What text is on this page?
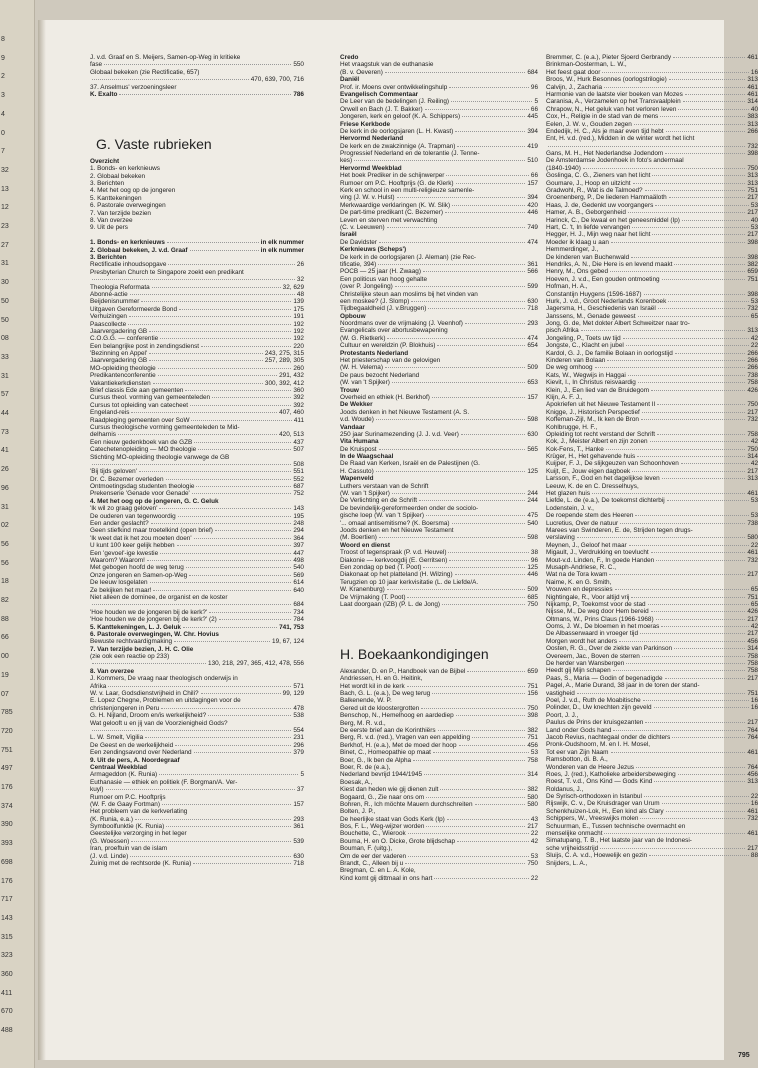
8
9
2
3
4
0
7
32
13
12
23
27
31
30
50
50
08
33
31
57
44
73
41
26
96
31
02
56
56
18
82
88
66
00
19
07
785
720
751
497
176
374
390
393
698
176
717
143
315
323
360
411
670
488
J. v.d. Graaf en S. Meijers, Samen-op-Weg in kritieke
fase	550
Globaal bekeken (zie Rectificatie, 657)
470, 639, 700, 716
37. Anselmus' verzoeningsleer
K. Exalto	786
G. Vaste rubrieken
Overzicht
1. Bonds- en kerknieuws
2. Globaal bekeken
3. Berichten
4. Met het oog op de jongeren
5. Kanttekeningen
6. Pastorale overwegingen
7. Van terzijde bezien
8. Van overzee
9. Uit de pers
1. Bonds- en kerknieuws	in elk nummer
2. Globaal bekeken, J. v.d. Graaf	in elk nummer
3. Berichten
Rectificatie inhoudsopgave	26
Presbyterian Church te Singapore zoekt een predikant
32
Theologia Reformata	32, 629
Abonné-actie	48
Beijdenisnummer	139
Uitgaven Gereformeerde Bond	175
Verhuizingen	191
Paascollecte	192
Jaarvergadering GB	192
C.O.G.G. — conferentie	192
Een belangrijke post in zendingsdienst	220
'Bezinning en Appel'	243, 275, 315
Jaarvergadering GB	257, 289, 305
MO-opleiding theologie	260
Predikantenconferentie	291, 432
Vakantiekerkdiensten	300, 392, 412
Brief classis Ede aan gemeenten	360
Cursus theol. vorming van gemeenteleden	392
Cursus tot opleiding van catecheet	392
Engeland-reis	407, 460
Raadpleging gemeenten over SoW	411
Cursus theologische vorming gemeenteleden te Mid-
delharnis	420, 513
Een nieuw gedenkboek van de GZB	437
Catechetenopleiding — MO theologie	507
Stichting MO-opleiding theologie vanwege de GB
508
'Bij tijds geloven'	551
Dr. C. Bezemer overleden	552
Ontmoetingsdag studenten theologie	687
Prekenserie 'Genade voor Genade'	752
4. Met het oog op de jongeren, G. C. Geluk
'Ik wil zo graag geloven'	143
De ouderen van tegenwoordig	195
Een ander geslacht?	248
Geen stiefkind maar troetelkind (open brief)	294
'Ik weet dat ik het zou moeten doen'	364
U kunt 100 keer gelijk hebben	397
Een 'gevoel'-ige kwestie	447
Waarom? Waarom!	498
Met gebogen hoofd de weg terug	540
Onze jongeren en Samen-op-Weg	569
De leeuw losgelaten	614
Ze bekijken het maar!	640
Niet alleen de dominee, de organist en de koster
684
'Hoe houden we de jongeren bij de kerk?'	734
'Hoe houden we de jongeren bij de kerk?' (2)	784
5. Kanttekeningen, L. J. Geluk	741, 753
6. Pastorale overwegingen, W. Chr. Hovius
Bewuste rechtvaardigmaking	19, 67, 124
7. Van terzijde bezien, J. H. C. Olie
(zie ook een reactie op 233)
130, 218, 297, 365, 412, 478, 556
8. Van overzee
J. Kommers, De vraag naar theologisch onderwijs in
Afrika	571
W. v. Laar, Godsdienstvrijheid in Chili?	99, 129
E. Lopez Chegne, Problemen en uitdagingen voor de
christenjongeren in Peru	478
G. H. Nijland, Droom en/is werkelijkheid?	538
Wat gelooft u en jij van de Voorzienigheid Gods?
554
L. W. Smelt, Vigilia	231
De Geest en de werkelijkheid	296
Een zendingsavond over Nederland	379
9. Uit de pers, A. Noordegraaf
Centraal Weekblad
Armageddon (K. Runia)	5
Euthanasie — ethiek en politiek (F. Borgman/A. Ver-
kuyl)	37
Rumoer om P.C. Hooftprijs
(W. F. de Gaay Fortman)	157
Het probleem van de kerkverlating
(K. Runia, e.a.)	293
Symboolfunktie (K. Runia)	361
Geestelijke verzorging in het leger
(G. Woessen)	539
Iran, proeftuin van de islam
(J. v.d. Linde)	630
Zuinig met de rechtsorde (K. Runia)	718
Credo
Het vraagstuk van de euthanasie
(B. v. Oeveren)	684
Daniël
Prof. ir. Moens over ontwikkelingshulp	96
Evangelisch Commentaar
De Leer van de bedelingen (J. Reiling)	5
Orwell en Bach (J. T. Bakker)	66
Jongeren, kerk en geloof (K. A. Schippers)	445
Friese Kerkbode
De kerk in de oorlogsjaren (L. H. Kwast)	394
Hervormd Nederland
De kerk en de zwakzinnige (A. Trapman)	419
Progressief Nederland en de tolerantie (J. Tenne-
kes)	510
Hervormd Weekblad
Het boek Prediker in de schijnwerper	66
Rumoer om P.C. Hooftprijs (G. de Klerk)	157
Kerk en school in een multi-religieuze samenle-
ving (J. W. v. Hulst)	394
Merkwaardige verklaringen (K. W. Slik)	420
De part-time predikant (C. Bezemer)	446
Leven en sterven met verwachting
(C. v. Leeuwen)	749
Israël
De Davidster	474
Kerknieuws (Scheps')
De kerk in de oorlogsjaren (J. Aleman) (zie Rec-
tificatie, 394)	361
POCB — 25 jaar (H. Zwaag)	566
Een politicus van hoog gehalte
(over P. Jongeling)	599
Christelijke steun aan moslims bij het vinden van
een moskee? (J. Slomp)	630
Tijdbegaaldheid (J. v.Bruggen)	718
Opbouw
Noordmans over de vrijmaking (J. Veenhof)	293
Evangelicals over abortusbewapening
(W. G. Rietkerk)	474
Cultuur en wereldzin (P. Blokhuis)	654
Protestants Nederland
Het priesterschap van de gelovigen
(W. H. Velema)	509
De paus bezocht Nederland
(W. van 't Spijker)	653
Trouw
Overheid en ethiek (H. Berkhof)	157
De Wekker
Joods denken in het Nieuwe Testament (A. S.
v.d. Woude)	598
Vandaar
250 jaar Surinamezending (J. J. v.d. Veer)	630
Vita Humana
De Kruispost	565
In de Waagschaal
De Raad van Kerken, Israël en de Palestijnen (G.
H. Cassuto)	125
Wapenveld
Luthers verstaan van de Schrift
(W. van 't Spijker)	244
De Verlichting en de Schrift	244
De bevindelijk-gereformeerden onder de sociolo-
gische loep (W. van 't Spijker)	475
'... omaal antisemitisme? (K. Boersma)	540
Joods denken en het Nieuwe Testament
(M. Boertien)	598
Woord en dienst
Troost of tegenspraak (P. v.d. Heuvel)	38
Diakonie — kerkvoogdij (E. Gerritsen)	96
Een zondag op bed (T. Poot)	125
Diakonaat op het platteland (H. Wilzing)	446
Terugzien op 10 jaar kerkvisitatie (L. de Liefde/A.
W. Kranenburg)	509
De Vrijmaking (T. Poot)	685
Laat doorgaan (IZB) (P. L. de Jong)	750
H. Boekaankondigingen
Alexander, D. en P., Handboek van de Bijbel	659
Andriessen, H. en G. Heitink,
Het wordt kil in de kerk	751
Bach, G. L. (e.a.), De weg terug	156
Balkenende, W. P.
Gered uit de kloostergrotten	750
Benschop, N., Hemelhoog en aardediep	398
Berg, M. R. v.d.,
De eerste brief aan de Korinthiërs	382
Berg, R. v.d. (red.), Vragen van een appelding	751
Berkhof, H. (e.a.), Met de moed der hoop	456
Binet, C., Homeopathie op maat	53
Boer, G., Ik ben de Alpha	758
Boer, R. de (e.a.),
Nederland bevrijd 1944/1945	314
Boesak, A.,
Kiest dan heden wie gij dienen zult	382
Bogaard, G., Zie naar ons om	580
Bohren, R., Ich möchte Mauern durchschreiten	580
Bolten, J. P.,
De heerlijke staat van Gods Kerk (Ip)	43
Bos, F. L., Weg-wijzer worden	217
Bouchette, C., Wierook	22
Bouma, H. en O. Dicke, Grote blijdschap	42
Bouman, F. (uitg.),
Om de eer der vaderen	53
Brandt, C., Alleen bij u	750
Bregman, C. en L. A. Kole,
Kind komt gij dittmaal in ons hart	22
Bremmer, C. (e.a.), Pieter Sjoerd Gerbrandy	461
Brinkman-Oosterman, L. W.,
Het feest gaat door	16
Broos, W., Hurk Besonnes (oorlogstrilogie)	313
Calvijn, J., Zacharia	461
Harmonie van de laatste vier boeken van Mozes	461
Caranisa, A., Verzamelen op het Transvaalplein	314
Chrapow, N., Het geluk van het verloren leven	40
Cox, H., Religie in de stad van de mens	383
Eelen, J. W. v., Gouden zegen	313
Endedijk, H. C., Als je maar even tijd hebt	266
Ent, H. v.d. (red.), Midden in de winter wordt het licht
732
Gans, M. H., Het Nederlandse Jodendom	398
De Amsterdamse Jodenhoek in foto's andermaal
(1840-1940)	750
Goslinga, C. G., Zieners van het licht	313
Goumare, J., Hoop en uitzicht	313
Gradwohl, R., Wat is de Talmoed?	751
Groenenberg, P., De liederen Hammaäloth	217
Haas, J. de, Gedenkt uw voorgangers	53
Hamer, A. B., Geborgenheid	217
Harinck, C., De kwaal en het geneesmiddel (Ip)	40
Hart, C. 't, In liefde vervangen	53
Hegger, H. J., Mijn weg naar het licht	217
Moeder ik klaag u aan	398
Hemmerdinger, J.,
De kinderen van Buchenwald	398
Hendriks, A. N., Die Here is en levend maakt	382
Henry, M., Ons gebed	659
Hoeven, J. v.d., Een gouden ontmoeting	751
Hofman, H. A.,
Constantijn Huygens (1596-1687)	398
Hurk, J. v.d., Groot Nederlands Korenboek	53
Jagersma, H., Geschiedenis van Israël	732
Janssens, M., Genade geweest	65
Jong, G. de, Met dokter Albert Schweitzer naar tro-
pisch Afrika	313
Jongeling, P., Toets uw tijd	42
Jongste, C., Klacht en jubel	22
Kardol, G. J., De familie Bolaan in oorlogstijd	266
Kinderen van Bolaan	266
De weg omhoog	266
Kats, W., Wegwijs in Haggai	738
Kievit, I., In Christus reisvaardig	758
Klein, J., Een lied van de Bruidegom	426
Klijn, A. F. J.,
Apokriefen uit het Nieuwe Testament II	750
Knigge, J., Historisch Perspectief	217
Koffeman-Zijl, M., Ik ken de Bron	732
Kohlbrugge, H. F.,
Opleiding tot recht verstand der Schrift	758
Kok, J., Meister Albert en zijn zonen	42
Kok-Fens, T., Hanke	750
Krüger, H., Het gehavende huis	314
Kuijper, F. J., De slijkgeuzen van Schoonhoven	42
Kuijt, E., Jouw eigen dagboek	217
Larsson, F., God en het dagelijkse leven	313
Leeuw, K. de en C. Dresselhuys,
Het glazen huis	461
Liefde, L. de (e.a.), De toekomst dichterbij	53
Lodenstein, J. v.,
De roepende stem des Heeren	53
Lucretius, Over de natuur	738
Marees van Swinderen, E. de, Strijden tegen drugs-
verslaving	580
Meynen, J., Geloof het maar	22
Migault, J., Verdrukking en toevlucht	461
Mout-v.d. Linden, F., In goede Handen	732
Musaph-Andriese, R. C.,
Wat na de Tora kwam	217
Naime, K. en G. Smith,
Vrouwen en depressies	65
Nightingale, R., Voor altijd vrij	751
Nijkamp, P., Toekomst voor de stad	65
Nijsse, M., De weg door Hem bereid	426
Oltmans, W., Prins Claus (1966-1968)	217
Ooms, J. W., De bloemen in het moeras	42
De Albasserwaard in vroeger tijd	217
Morgen wordt het anders	456
Oosten, R. G., Over de ziekte van Parkinson	314
Overeem, Jac., Boven de sterren	758
De herder van Wansbergen	758
Heedt gij Mijn schapen	758
Paas, S., Maria — Godin of begenadigde	217
Pagel, A., Marie Durand, 38 jaar in de toren der stand-
vastigheid	751
Poel, J. v.d., Ruth de Moabitische	16
Polinder, D., Uw knechten zijn geveld	16
Poort, J. J.,
Paulus de Prins der kruisgezanten	217
Land onder Gods hand	764
Jacob Revius, nachtegaal onder de dichters	764
Pronk-Oudshoorn, M. en I. H. Mosel,
Tot eer van Zijn Naam	461
Ramsbotton, di. B. A.,
Wonderen van de Heere Jezus	764
Roes, J. (red.), Katholieke arbeidersbeweging	456
Roest, T. v.d., Ons Kind — Gods Kind	313
Roldanus, J.,
De Syrisch-orthodoxen in Istanbul	22
Rijswijk, C. v., De Kruisdrager van Urum	16
Schenkhuizen-Lok, H., Een kind als Clary	461
Schippers, W., Vreeswijks molen	732
Schuurman, E., Tussen technische overmacht en
menselijke onmacht	461
Simatupang, T. B., Het laatste jaar van de Indonesi-
sche vrijheidsstrijd	217
Sluijs, C. A. v.d., Hoewelijk en gezin	88
Snijders, L. A.,
795
